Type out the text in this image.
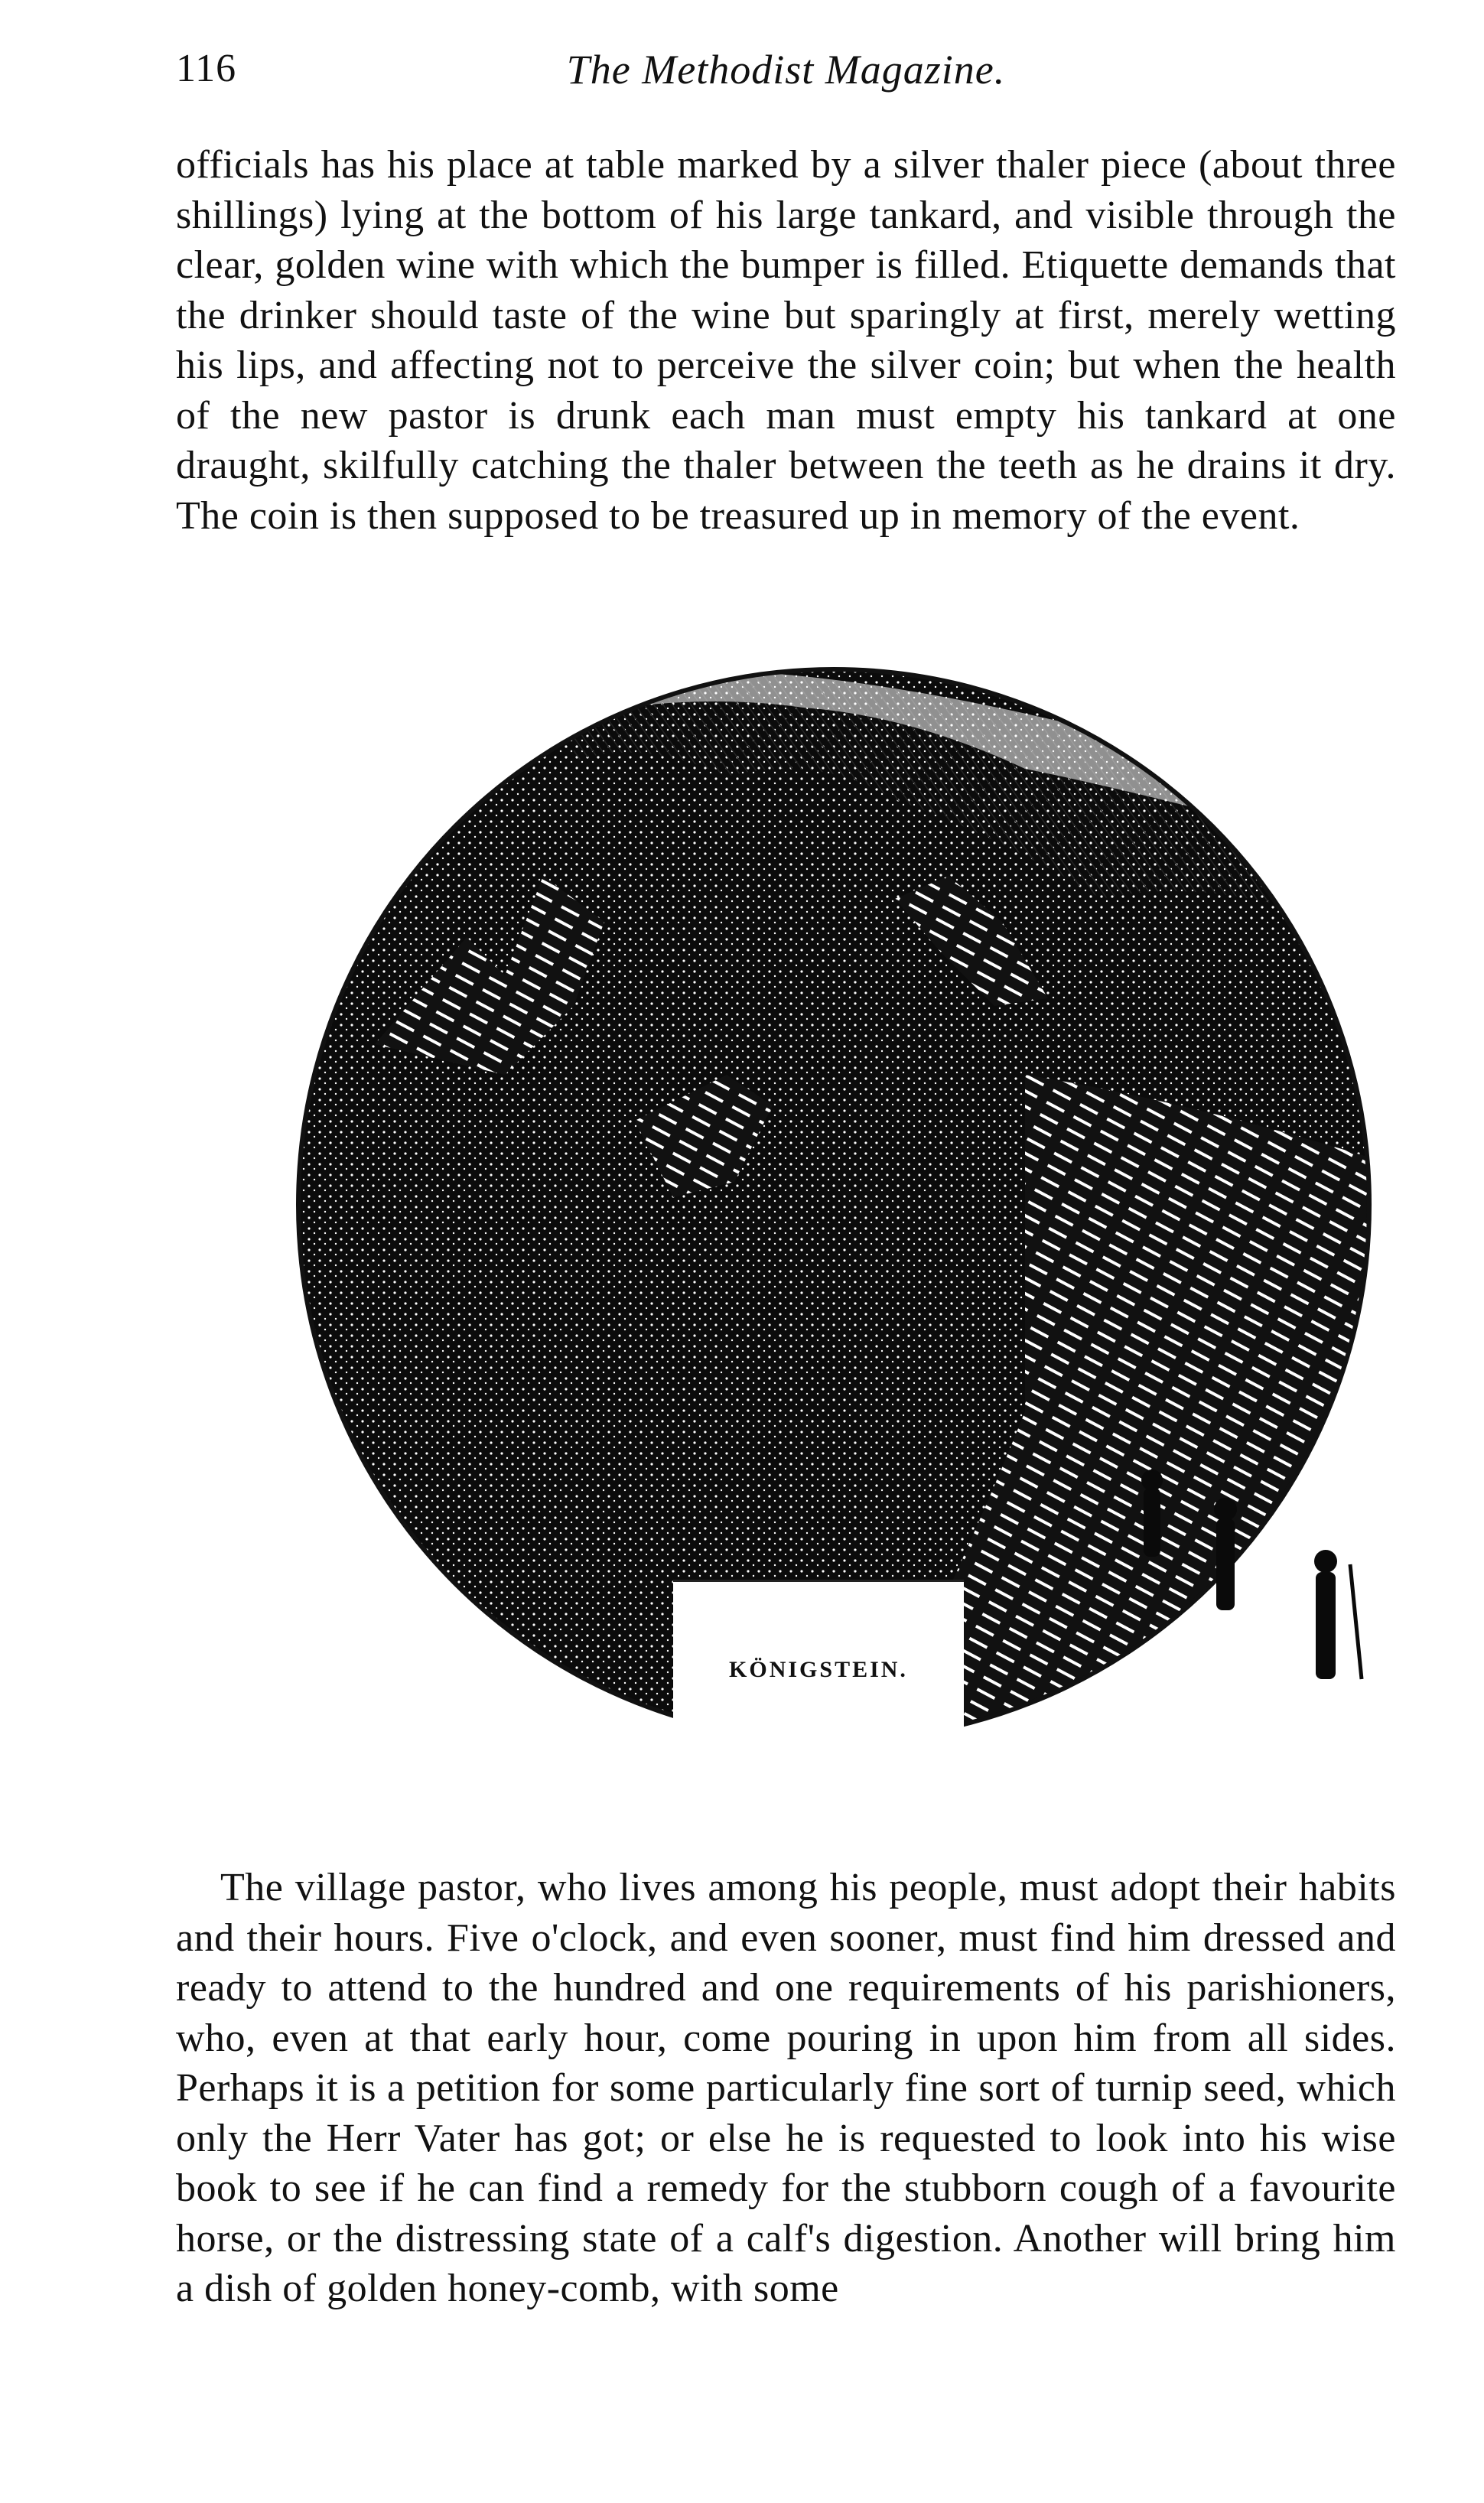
116	The Methodist Magazine.

officials has his place at table marked by a silver thaler piece (about three shillings) lying at the bottom of his large tankard, and visible through the clear, golden wine with which the bumper is filled. Etiquette demands that the drinker should taste of the wine but sparingly at first, merely wetting his lips, and affecting not to perceive the silver coin; but when the health of the new pastor is drunk each man must empty his tankard at one draught, skilfully catching the thaler between the teeth as he drains it dry. The coin is then supposed to be treasured up in memory of the event.

KÖNIGSTEIN.

The village pastor, who lives among his people, must adopt their habits and their hours. Five o'clock, and even sooner, must find him dressed and ready to attend to the hundred and one requirements of his parishioners, who, even at that early hour, come pouring in upon him from all sides. Perhaps it is a petition for some particularly fine sort of turnip seed, which only the Herr Vater has got; or else he is requested to look into his wise book to see if he can find a remedy for the stubborn cough of a favourite horse, or the distressing state of a calf's digestion. Another will bring him a dish of golden honey-comb, with some
